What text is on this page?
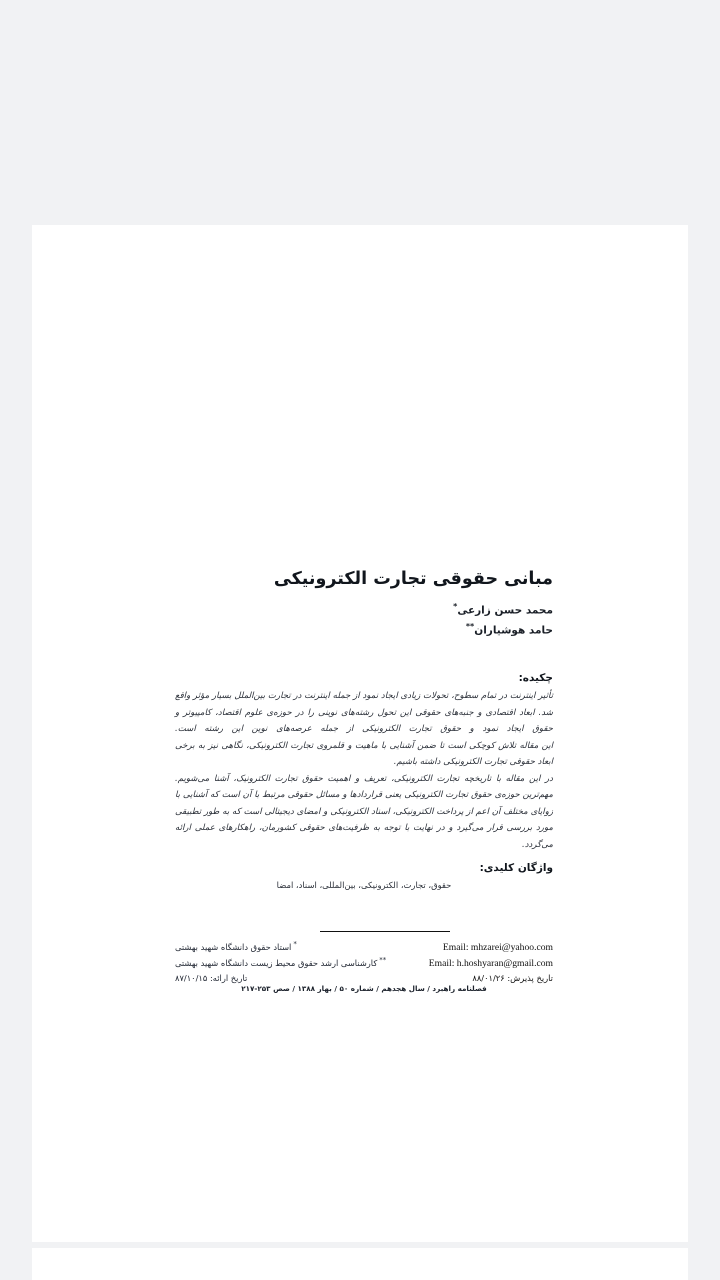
مبانی حقوقی تجارت الکترونیکی
محمد حسن زارعی*
حامد هوشیاران**
چکیده:

تأثیر اینترنت در تمام سطوح، تحولات زیادی ایجاد نمود از جمله اینترنت در تجارت بین‌الملل بسیار مؤثر واقع شد. ابعاد اقتصادی و جنبه‌های حقوقی این تحول رشته‌های نوینی را در حوزه‌ی علوم اقتصاد، کامپیوتر و حقوق ایجاد نمود و حقوق تجارت الکترونیکی از جمله عرصه‌های نوین این رشته است.

این مقاله تلاش کوچکی است تا ضمن آشنایی با ماهیت و قلمروی تجارت الکترونیکی، نگاهی نیز به برخی ابعاد حقوقی تجارت الکترونیکی داشته باشیم.

در این مقاله با تاریخچه تجارت الکترونیکی، تعریف و اهمیت حقوق تجارت الکترونیک، آشنا می‌شویم. مهم‌ترین حوزه‌ی حقوق تجارت الکترونیکی یعنی قراردادها و مسائل حقوقی مرتبط با آن است که آشنایی با زوایای مختلف آن اعم از پرداخت الکترونیکی، اسناد الکترونیکی و امضای دیجیتالی است که به طور تطبیقی مورد بررسی قرار می‌گیرد و در نهایت با توجه به ظرفیت‌های حقوقی کشورمان، راهکارهای عملی ارائه می‌گردد.

واژگان کلیدی:
حقوق، تجارت، الکترونیکی، بین‌المللی، اسناد، امضا
Email: mhzarei@yahoo.com
*استاد حقوق دانشگاه شهید بهشتی
Email: h.hoshyaran@gmail.com
**کارشناسی ارشد حقوق محیط زیست دانشگاه شهید بهشتی
تاریخ پذیرش: ۸۸/۰۱/۲۶
تاریخ ارائه: ۸۷/۱۰/۱۵
فصلنامه راهبرد / سال هجدهم / شماره ۵۰ / بهار ۱۳۸۸ / صص ۲۵۳-۲۱۷
